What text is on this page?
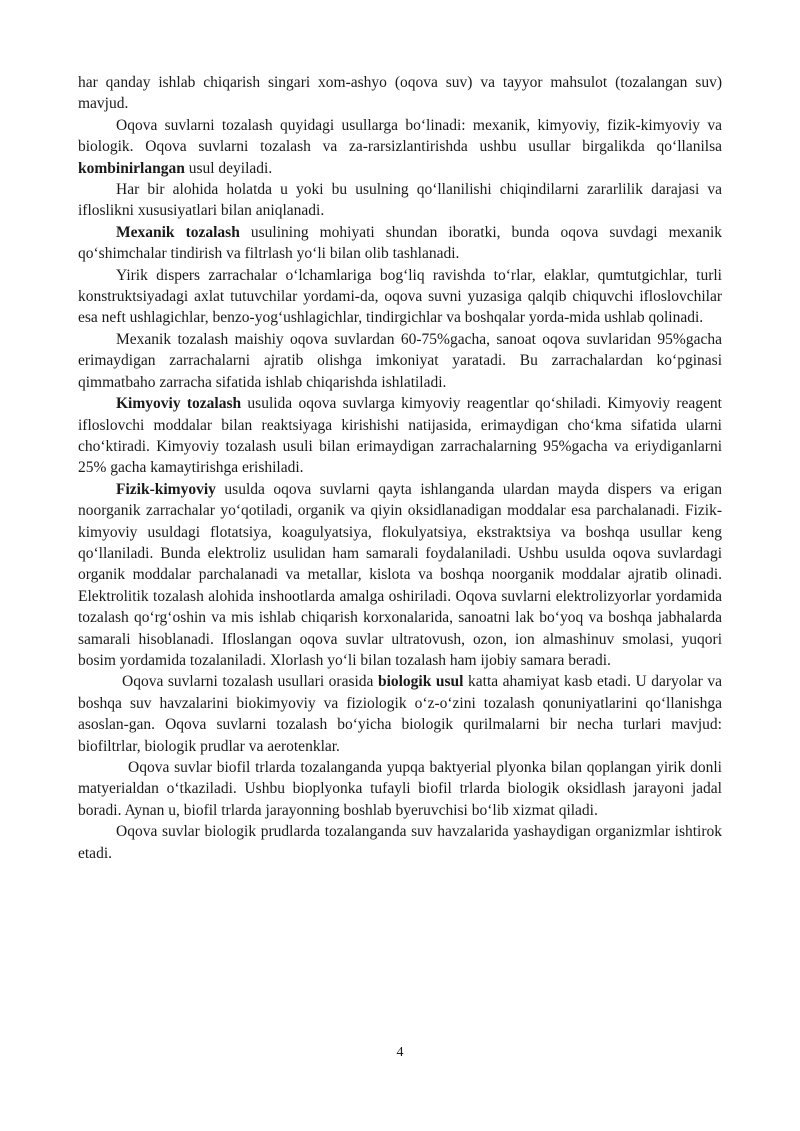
har qanday ishlab chiqarish singari xom-ashyo (oqova suv) va tayyor mahsulot (tozalangan suv) mavjud.
Oqova suvlarni tozalash quyidagi usullarga bo‘linadi: mexanik, kimyoviy, fizik-kimyoviy va biologik. Oqova suvlarni tozalash va za-rarsizlantirishda ushbu usullar birgalikda qo‘llanilsa kombinirlangan usul deyiladi.
Har bir alohida holatda u yoki bu usulning qo‘llanilishi chiqindilarni zararlilik darajasi va ifloslikni xususiyatlari bilan aniqlanadi.
Mexanik tozalash usulining mohiyati shundan iboratki, bunda oqova suvdagi mexanik qo‘shimchalar tindirish va filtrlash yo‘li bilan olib tashlanadi.
Yirik dispers zarrachalar o‘lchamlariga bog‘liq ravishda to‘rlar, elaklar, qumtutgichlar, turli konstruktsiyadagi axlat tutuvchilar yordami-da, oqova suvni yuzasiga qalqib chiquvchi ifloslovchilar esa neft ushlagichlar, benzo-yog‘ushlagichlar, tindirgichlar va boshqalar yorda-mida ushlab qolinadi.
Mexanik tozalash maishiy oqova suvlardan 60-75%gacha, sanoat oqova suvlaridan 95%gacha erimaydigan zarrachalarni ajratib olishga imkoniyat yaratadi. Bu zarrachalardan ko‘pginasi qimmatbaho zarracha sifatida ishlab chiqarishda ishlatiladi.
Kimyoviy tozalash usulida oqova suvlarga kimyoviy reagentlar qo‘shiladi. Kimyoviy reagent ifloslovchi moddalar bilan reaktsiyaga kirishishi natijasida, erimaydigan cho‘kma sifatida ularni cho‘ktiradi. Kimyoviy tozalash usuli bilan erimaydigan zarrachalarning 95%gacha va eriydiganlarni 25% gacha kamaytirishga erishiladi.
Fizik-kimyoviy usulda oqova suvlarni qayta ishlanganda ulardan mayda dispers va erigan noorganik zarrachalar yo‘qotiladi, organik va qiyin oksidlanadigan moddalar esa parchalanadi. Fizik-kimyoviy usuldagi flotatsiya, koagulyatsiya, flokulyatsiya, ekstraktsiya va boshqa usullar keng qo‘llaniladi. Bunda elektroliz usulidan ham samarali foydalaniladi. Ushbu usulda oqova suvlardagi organik moddalar parchalanadi va metallar, kislota va boshqa noorganik moddalar ajratib olinadi. Elektrolitik tozalash alohida inshootlarda amalga oshiriladi. Oqova suvlarni elektrolizyorlar yordamida tozalash qo‘rg‘oshin va mis ishlab chiqarish korxonalarida, sanoatni lak bo‘yoq va boshqa jabhalarda samarali hisoblanadi. Ifloslangan oqova suvlar ultratovush, ozon, ion almashinuv smolasi, yuqori bosim yordamida tozalaniladi. Xlorlash yo‘li bilan tozalash ham ijobiy samara beradi.
Oqova suvlarni tozalash usullari orasida biologik usul katta ahamiyat kasb etadi. U daryolar va boshqa suv havzalarini biokimyoviy va fiziologik o‘z-o‘zini tozalash qonuniyatlarini qo‘llanishga asoslan-gan. Oqova suvlarni tozalash bo‘yicha biologik qurilmalarni bir necha turlari mavjud: biofiltrlar, biologik prudlar va aerotenklar.
Oqova suvlar biofil trlarda tozalanganda yupqa baktyerial plyonka bilan qoplangan yirik donli matyerialdan o‘tkaziladi. Ushbu bioplyonka tufayli biofil trlarda biologik oksidlash jarayoni jadal boradi. Aynan u, biofil trlarda jarayonning boshlab byeruvchisi bo‘lib xizmat qiladi.
Oqova suvlar biologik prudlarda tozalanganda suv havzalarida yashaydigan organizmlar ishtirok etadi.
4
